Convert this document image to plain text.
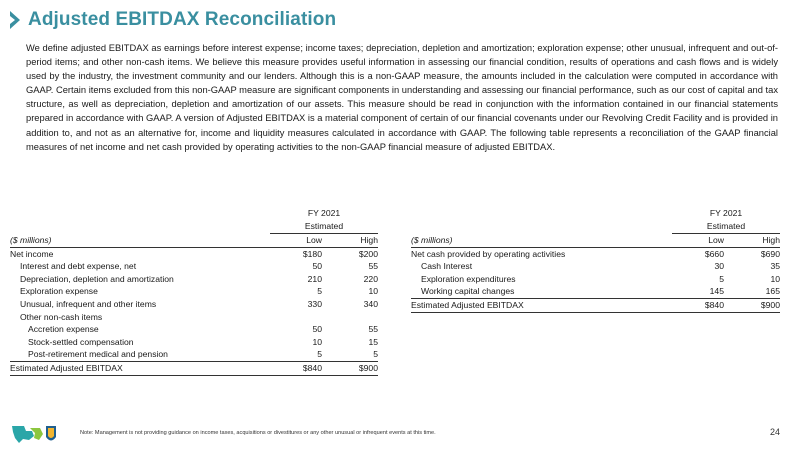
Adjusted EBITDAX Reconciliation
We define adjusted EBITDAX as earnings before interest expense; income taxes; depreciation, depletion and amortization; exploration expense; other unusual, infrequent and out-of-period items; and other non-cash items. We believe this measure provides useful information in assessing our financial condition, results of operations and cash flows and is widely used by the industry, the investment community and our lenders. Although this is a non-GAAP measure, the amounts included in the calculation were computed in accordance with GAAP. Certain items excluded from this non-GAAP measure are significant components in understanding and assessing our financial performance, such as our cost of capital and tax structure, as well as depreciation, depletion and amortization of our assets. This measure should be read in conjunction with the information contained in our financial statements prepared in accordance with GAAP. A version of Adjusted EBITDAX is a material component of certain of our financial covenants under our Revolving Credit Facility and is provided in addition to, and not as an alternative for, income and liquidity measures calculated in accordance with GAAP. The following table represents a reconciliation of the GAAP financial measures of net income and net cash provided by operating activities to the non-GAAP financial measure of adjusted EBITDAX.
	FY 2021	
	Estimated	
($ millions)	Low	High
Net income	$180	$200
Interest and debt expense, net	50	55
Depreciation, depletion and amortization	210	220
Exploration expense	5	10
Unusual, infrequent and other items	330	340
Other non-cash items		
Accretion expense	50	55
Stock-settled compensation	10	15
Post-retirement medical and pension	5	5
Estimated Adjusted EBITDAX	$840	$900
	FY 2021	
	Estimated	
($ millions)	Low	High
Net cash provided by operating activities	$660	$690
Cash Interest	30	35
Exploration expenditures	5	10
Working capital changes	145	165
Estimated Adjusted EBITDAX	$840	$900
Note: Management is not providing guidance on income taxes, acquisitions or divestitures or any other unusual or infrequent events at this time.	24
